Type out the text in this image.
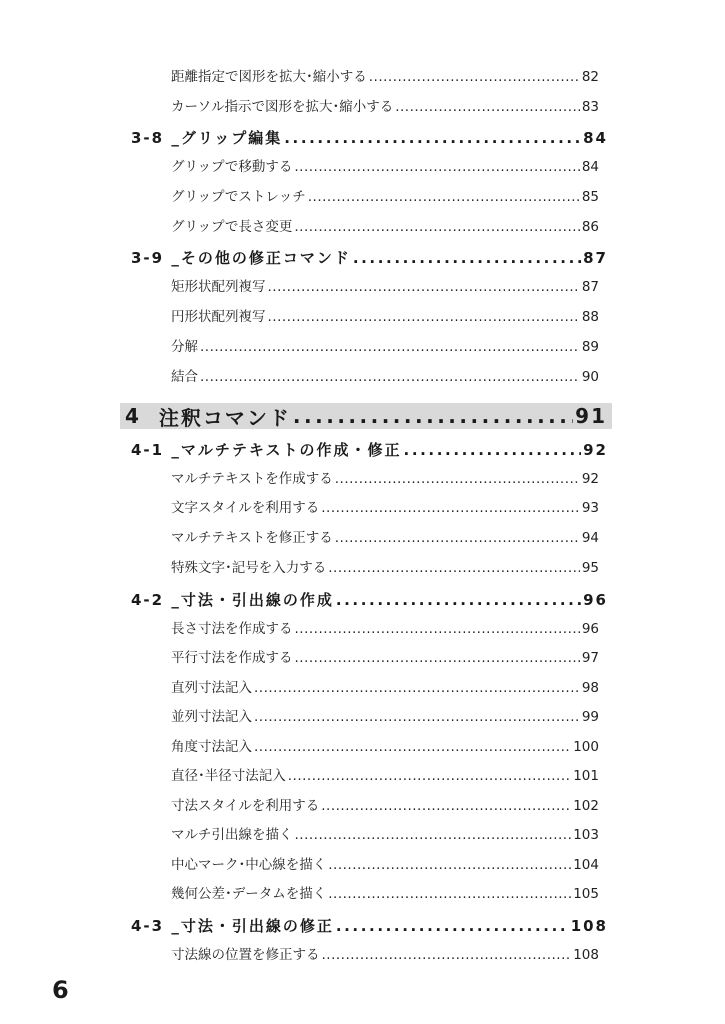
距離指定で図形を拡大･縮小する .....	82
カーソル指示で図形を拡大･縮小する .....	83
3-8 _グリップ編集 .....	84
グリップで移動する .....	84
グリップでストレッチ .....	85
グリップで長さ変更 .....	86
3-9 _その他の修正コマンド .....	87
矩形状配列複写 .....	87
円形状配列複写 .....	88
分解 .....	89
結合 .....	90
4 注釈コマンド .....	91
4-1 _マルチテキストの作成・修正 .....	92
マルチテキストを作成する .....	92
文字スタイルを利用する .....	93
マルチテキストを修正する .....	94
特殊文字･記号を入力する .....	95
4-2 _寸法・引出線の作成 .....	96
長さ寸法を作成する .....	96
平行寸法を作成する .....	97
直列寸法記入 .....	98
並列寸法記入 .....	99
角度寸法記入 .....	100
直径･半径寸法記入 .....	101
寸法スタイルを利用する .....	102
マルチ引出線を描く .....	103
中心マーク･中心線を描く .....	104
幾何公差･データムを描く .....	105
4-3 _寸法・引出線の修正 .....	108
寸法線の位置を修正する .....	108
6
